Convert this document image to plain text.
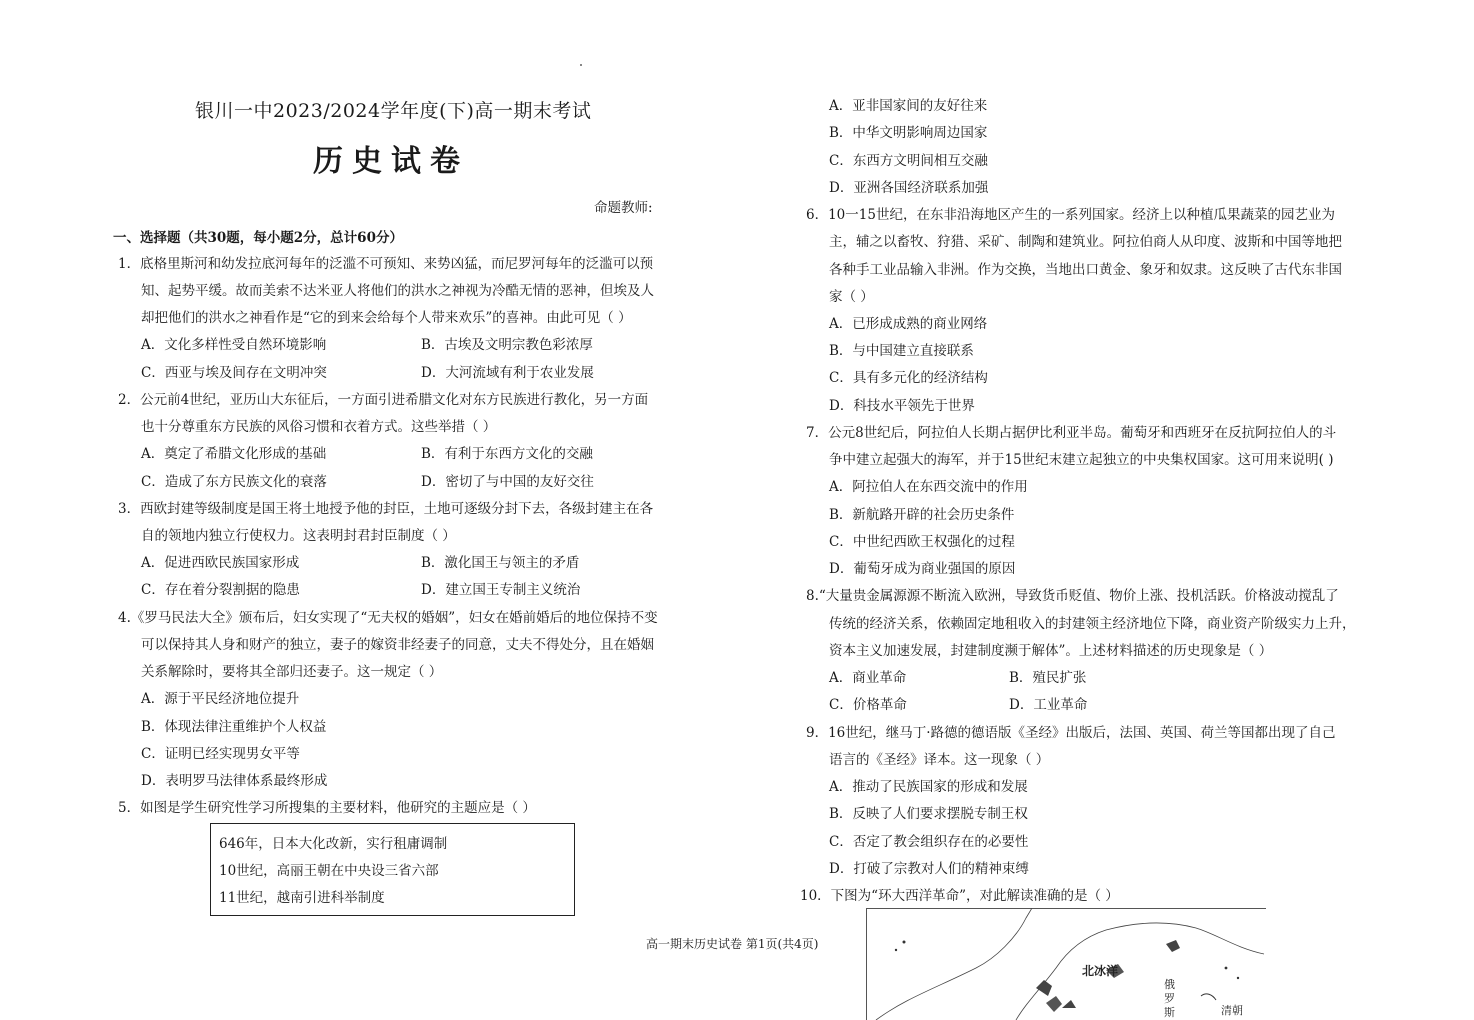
银川一中2023/2024学年度(下)高一期末考试
历史试卷
命题教师:
一、选择题（共30题，每小题2分，总计60分）
1．底格里斯河和幼发拉底河每年的泛滥不可预知、来势凶猛，而尼罗河每年的泛滥可以预
知、起势平缓。故而美索不达米亚人将他们的洪水之神视为冷酷无情的恶神，但埃及人
却把他们的洪水之神看作是“它的到来会给每个人带来欢乐”的喜神。由此可见（ ）
A．文化多样性受自然环境影响	B．古埃及文明宗教色彩浓厚
C．西亚与埃及间存在文明冲突	D．大河流域有利于农业发展
2．公元前4世纪，亚历山大东征后，一方面引进希腊文化对东方民族进行教化，另一方面
也十分尊重东方民族的风俗习惯和衣着方式。这些举措（ ）
A．奠定了希腊文化形成的基础	B．有利于东西方文化的交融
C．造成了东方民族文化的衰落	D．密切了与中国的友好交往
3．西欧封建等级制度是国王将土地授予他的封臣，土地可逐级分封下去，各级封建主在各
自的领地内独立行使权力。这表明封君封臣制度（ ）
A．促进西欧民族国家形成	B．激化国王与领主的矛盾
C．存在着分裂割据的隐患	D．建立国王专制主义统治
4.《罗马民法大全》颁布后，妇女实现了“无夫权的婚姻”，妇女在婚前婚后的地位保持不变
可以保持其人身和财产的独立，妻子的嫁资非经妻子的同意，丈夫不得处分，且在婚姻
关系解除时，要将其全部归还妻子。这一规定（ ）
A．源于平民经济地位提升
B．体现法律注重维护个人权益
C．证明已经实现男女平等
D．表明罗马法律体系最终形成
5．如图是学生研究性学习所搜集的主要材料，他研究的主题应是（ ）
646年，日本大化改新，实行租庸调制
10世纪，高丽王朝在中央设三省六部
11世纪，越南引进科举制度
A．亚非国家间的友好往来
B．中华文明影响周边国家
C．东西方文明间相互交融
D．亚洲各国经济联系加强
6．10一15世纪，在东非沿海地区产生的一系列国家。经济上以种植瓜果蔬菜的园艺业为
主，辅之以畜牧、狩猎、采矿、制陶和建筑业。阿拉伯商人从印度、波斯和中国等地把
各种手工业品输入非洲。作为交换，当地出口黄金、象牙和奴隶。这反映了古代东非国
家（ ）
A．已形成成熟的商业网络
B．与中国建立直接联系
C．具有多元化的经济结构
D．科技水平领先于世界
7．公元8世纪后，阿拉伯人长期占据伊比利亚半岛。葡萄牙和西班牙在反抗阿拉伯人的斗
争中建立起强大的海军，并于15世纪末建立起独立的中央集权国家。这可用来说明( )
A．阿拉伯人在东西交流中的作用
B．新航路开辟的社会历史条件
C．中世纪西欧王权强化的过程
D．葡萄牙成为商业强国的原因
8.“大量贵金属源源不断流入欧洲，导致货币贬值、物价上涨、投机活跃。价格波动搅乱了
传统的经济关系，依赖固定地租收入的封建领主经济地位下降，商业资产阶级实力上升，
资本主义加速发展，封建制度濒于解体”。上述材料描述的历史现象是（ ）
A．商业革命	B．殖民扩张
C．价格革命	D．工业革命
9．16世纪，继马丁·路德的德语版《圣经》出版后，法国、英国、荷兰等国都出现了自己
语言的《圣经》译本。这一现象（ ）
A．推动了民族国家的形成和发展
B．反映了人们要求摆脱专制王权
C．否定了教会组织存在的必要性
D．打破了宗教对人们的精神束缚
10．下图为“环大西洋革命”，对此解读准确的是（ ）
高一期末历史试卷 第1页(共4页)
北冰洋
俄
罗
斯	清朝
